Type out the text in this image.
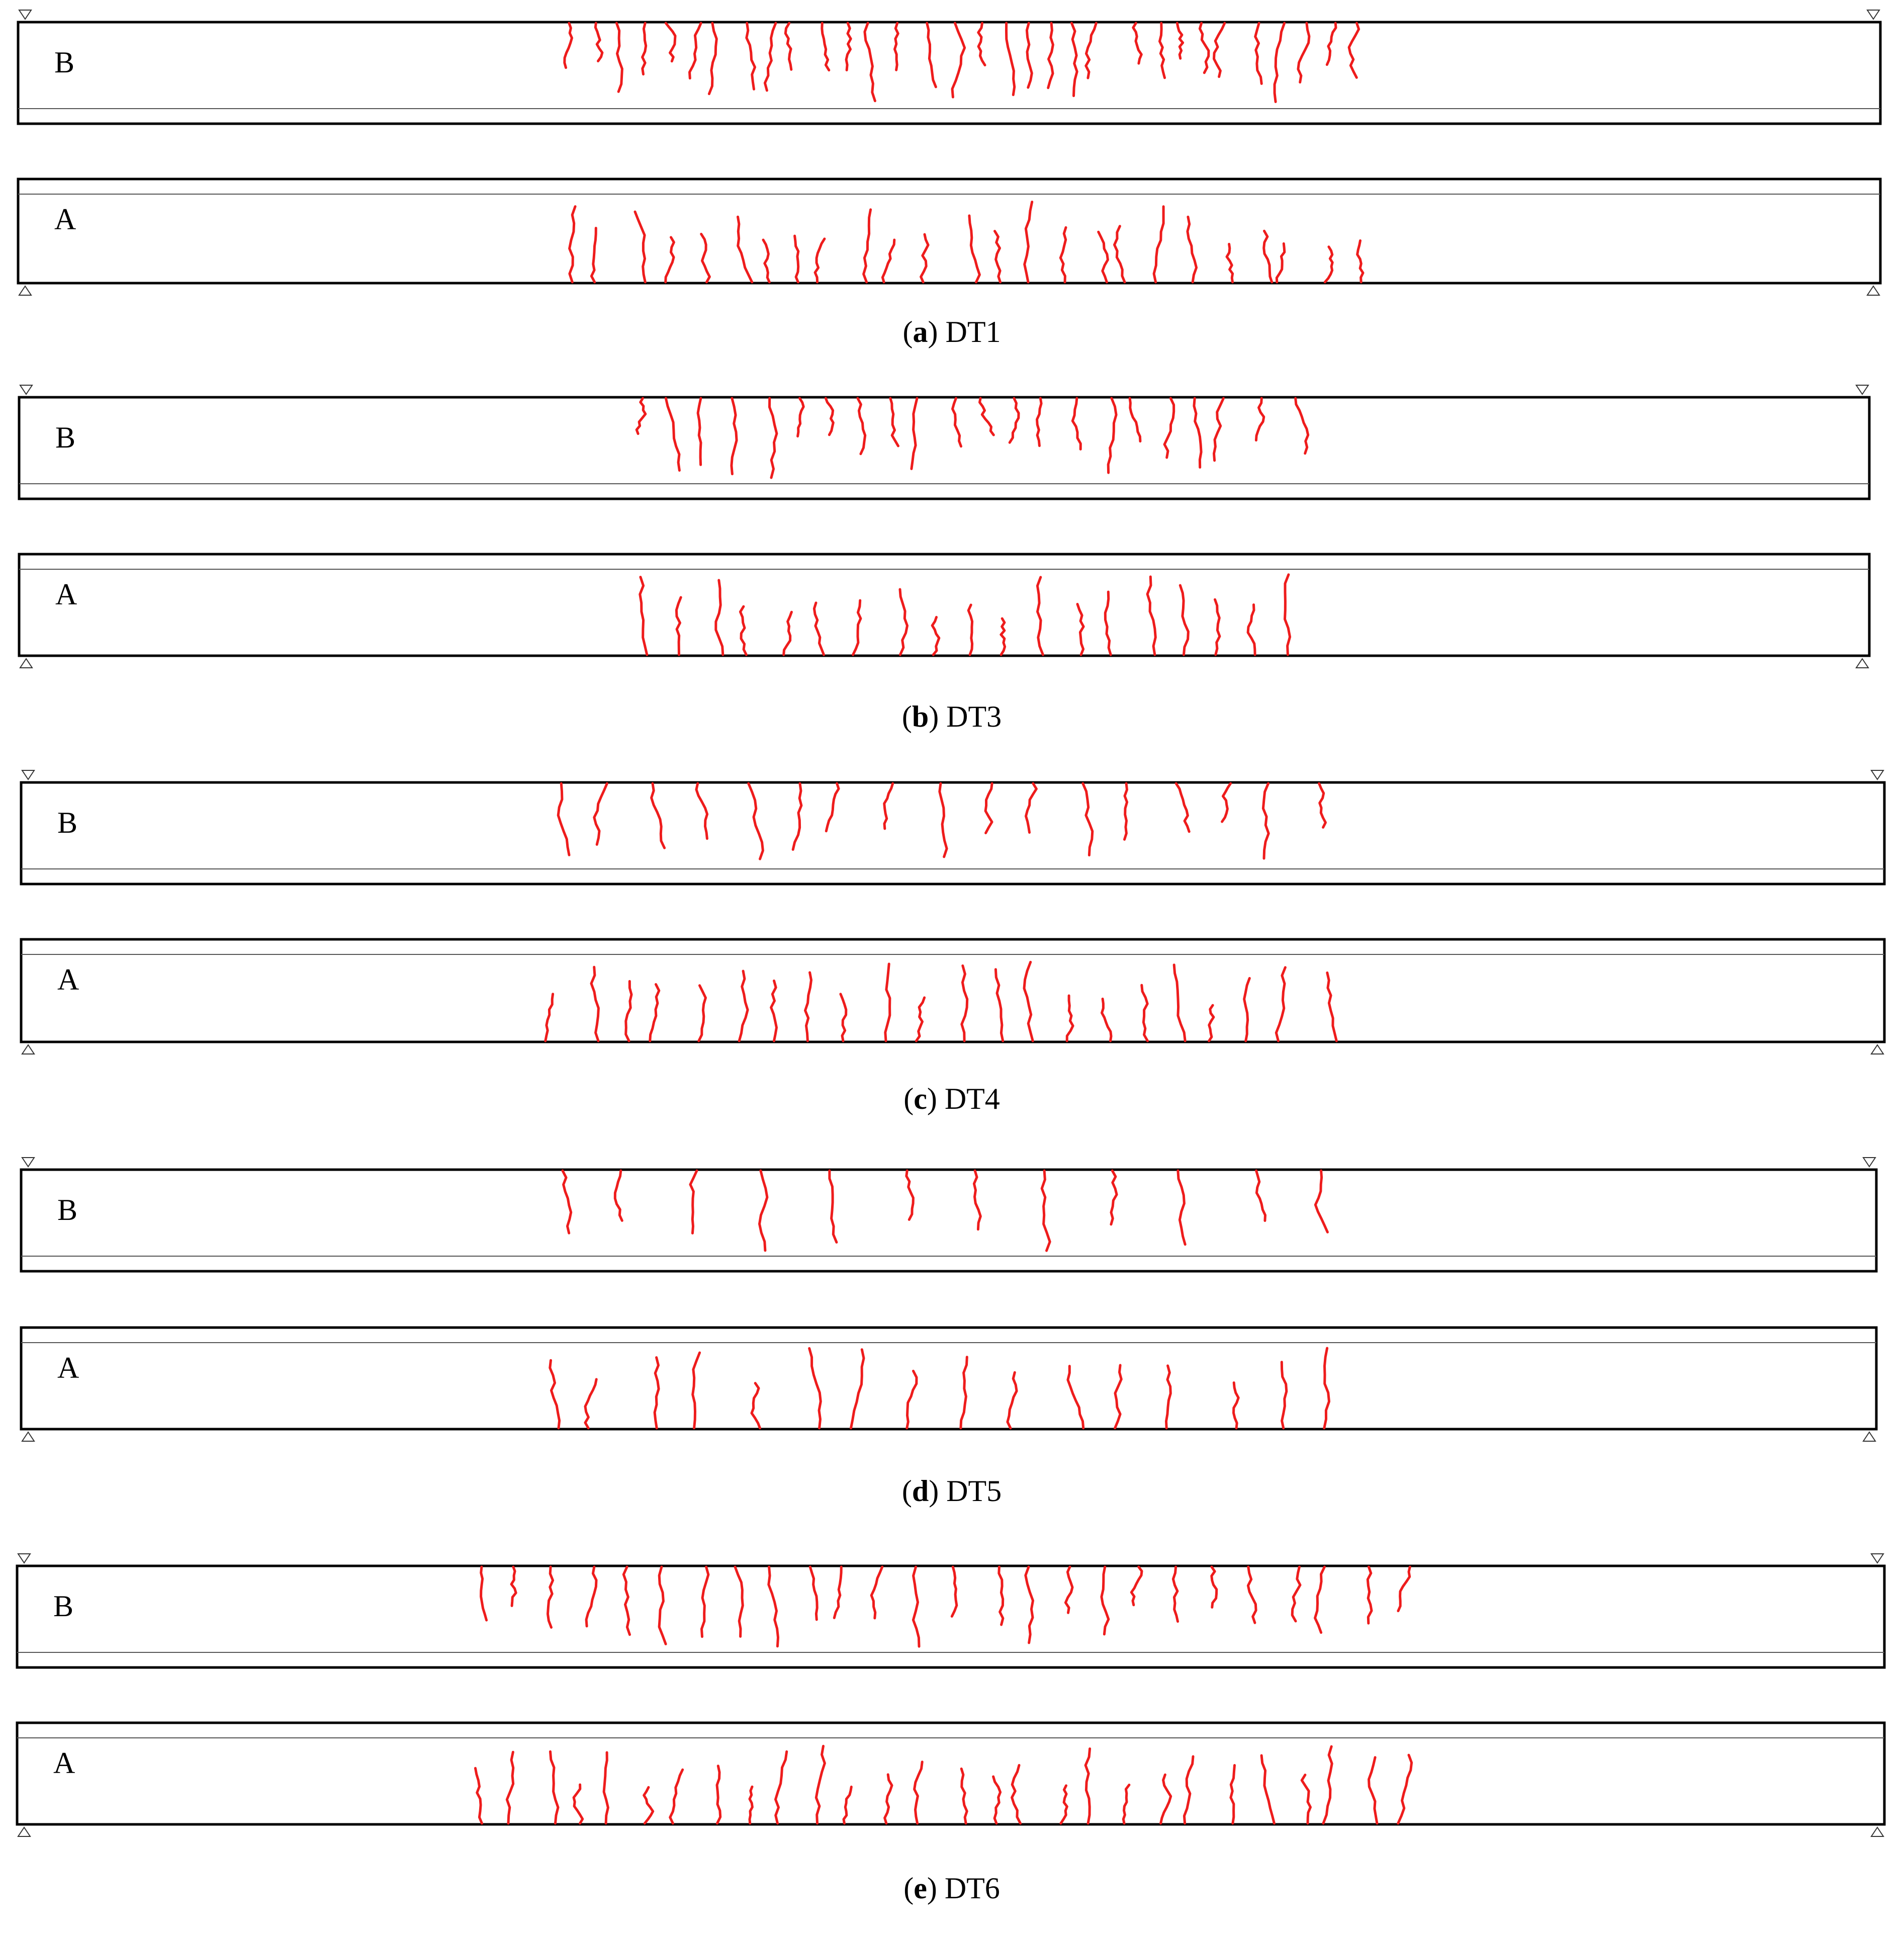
B
A
(a) DT1
B
A
(b) DT3
B
A
(c) DT4
B
A
(d) DT5
B
A
(e) DT6
